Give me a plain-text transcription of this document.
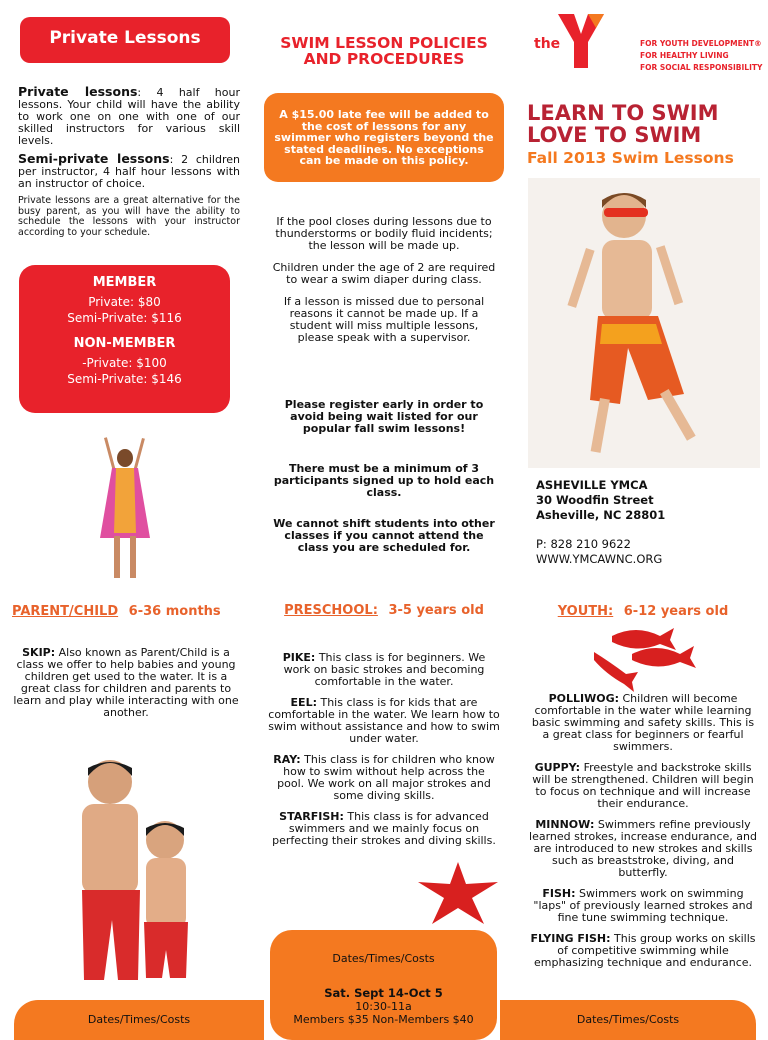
Private Lessons
Private lessons: 4 half hour lessons. Your child will have the ability to work one on one with one of our skilled instructors for various skill levels.
Semi-private lessons: 2 children per instructor, 4 half hour lessons with an instructor of choice.
Private lessons are a great alternative for the busy parent, as you will have the ability to schedule the lessons with your instructor according to your schedule.
MEMBER
Private: $80
Semi-Private: $116
NON-MEMBER
-Private: $100
Semi-Private: $146
PARENT/CHILD 6-36 months
SKIP: Also known as Parent/Child is a class we offer to help babies and young children get used to the water. It is a great class for children and parents to learn and play while interacting with one another.
SWIM LESSON POLICIES
AND PROCEDURES
A $15.00 late fee will be added to the cost of lessons for any swimmer who registers beyond the stated deadlines. No exceptions can be made on this policy.

If the pool closes during lessons due to thunderstorms or bodily fluid incidents; the lesson will be made up.

Children under the age of 2 are required to wear a swim diaper during class.

If a lesson is missed due to personal reasons it cannot be made up. If a student will miss multiple lessons, please speak with a supervisor.

Please register early in order to avoid being wait listed for our popular fall swim lessons!
There must be a minimum of 3 participants signed up to hold each class.
We cannot shift students into other classes if you cannot attend the class you are scheduled for.
PRESCHOOL: 3-5 years old

PIKE: This class is for beginners. We work on basic strokes and becoming comfortable in the water.

EEL: This class is for kids that are comfortable in the water. We learn how to swim without assistance and how to swim under water.

RAY: This class is for children who know how to swim without help across the pool. We work on all major strokes and some diving skills.

STARFISH: This class is for advanced swimmers and we mainly focus on perfecting their strokes and diving skills.

Dates/Times/Costs
Sat. Sept 14-Oct 5
10:30-11a
Members $35 Non-Members $40
the	FOR YOUTH DEVELOPMENT®
FOR HEALTHY LIVING
FOR SOCIAL RESPONSIBILITY
LEARN TO SWIM
LOVE TO SWIM
Fall 2013 Swim Lessons
ASHEVILLE YMCA
30 Woodfin Street
Asheville, NC 28801
P: 828 210 9622
WWW.YMCAWNC.ORG
YOUTH: 6-12 years old

POLLIWOG: Children will become comfortable in the water while learning basic swimming and safety skills. This is a great class for beginners or fearful swimmers.

GUPPY: Freestyle and backstroke skills will be strengthened. Children will begin to focus on technique and will increase their endurance.

MINNOW: Swimmers refine previously learned strokes, increase endurance, and are introduced to new strokes and skills such as breaststroke, diving, and butterfly.

FISH: Swimmers work on swimming "laps" of previously learned strokes and fine tune swimming technique.

FLYING FISH: This group works on skills of competitive swimming while emphasizing technique and endurance.

Dates/Times/Costs	Dates/Times/Costs
